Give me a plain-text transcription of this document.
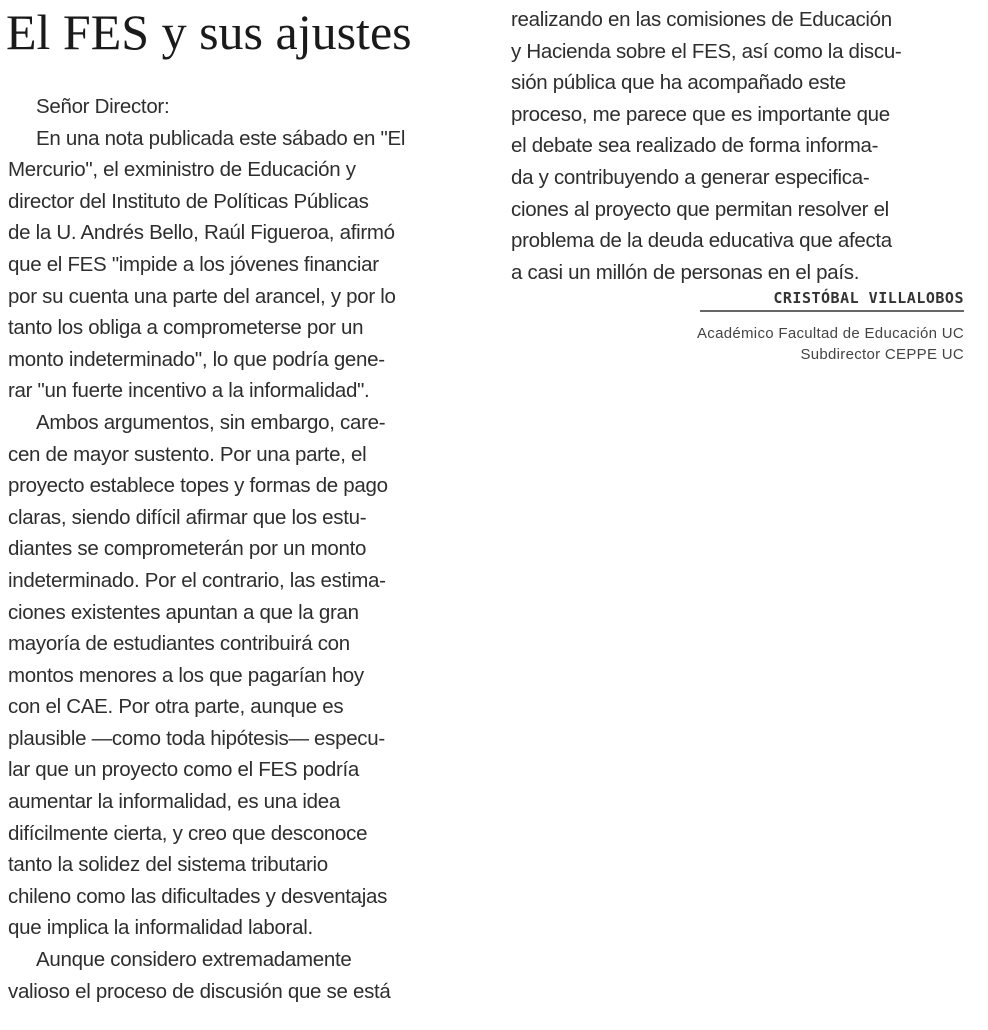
El FES y sus ajustes
Señor Director:
En una nota publicada este sábado en "El
Mercurio", el exministro de Educación y
director del Instituto de Políticas Públicas
de la U. Andrés Bello, Raúl Figueroa, afirmó
que el FES "impide a los jóvenes financiar
por su cuenta una parte del arancel, y por lo
tanto los obliga a comprometerse por un
monto indeterminado", lo que podría gene-
rar "un fuerte incentivo a la informalidad".
Ambos argumentos, sin embargo, care-
cen de mayor sustento. Por una parte, el
proyecto establece topes y formas de pago
claras, siendo difícil afirmar que los estu-
diantes se comprometerán por un monto
indeterminado. Por el contrario, las estima-
ciones existentes apuntan a que la gran
mayoría de estudiantes contribuirá con
montos menores a los que pagarían hoy
con el CAE. Por otra parte, aunque es
plausible —como toda hipótesis— especu-
lar que un proyecto como el FES podría
aumentar la informalidad, es una idea
difícilmente cierta, y creo que desconoce
tanto la solidez del sistema tributario
chileno como las dificultades y desventajas
que implica la informalidad laboral.
Aunque considero extremadamente
valioso el proceso de discusión que se está
realizando en las comisiones de Educación
y Hacienda sobre el FES, así como la discu-
sión pública que ha acompañado este
proceso, me parece que es importante que
el debate sea realizado de forma informa-
da y contribuyendo a generar especifica-
ciones al proyecto que permitan resolver el
problema de la deuda educativa que afecta
a casi un millón de personas en el país.
CRISTÓBAL VILLALOBOS
Académico Facultad de Educación UC
Subdirector CEPPE UC
